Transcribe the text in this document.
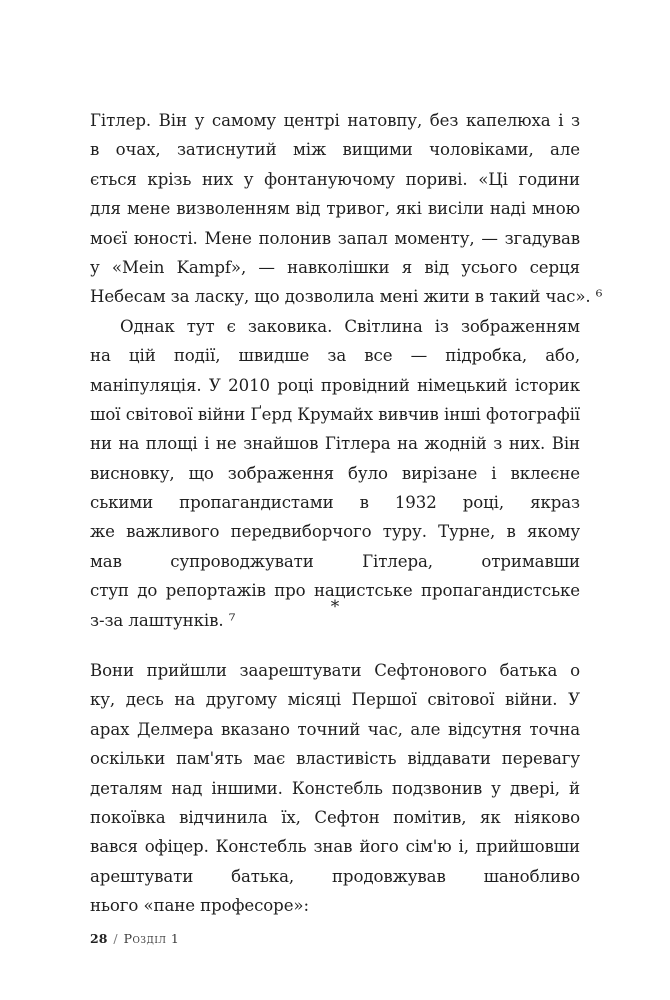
Гітлер. Він у самому центрі натовпу, без капелюха і з
в очах, затиснутий між вищими чоловіками, але
ється крізь них у фонтануючому пориві. «Ці години
для мене визволенням від тривог, які висіли наді мною
моєї юності. Мене полонив запал моменту, — згадував
у «Mein Kampf», — навколішки я від усього серця
Небесам за ласку, що дозволила мені жити в такий час». ⁶
Однак тут є заковика. Світлина із зображенням
на цій події, швидше за все — підробка, або,
маніпуляція. У 2010 році провідний німецький історик
шої світової війни Ґерд Крумайх вивчив інші фотографії
ни на площі і не знайшов Гітлера на жодній з них. Він
висновку, що зображення було вирізане і вклеєне
ськими пропагандистами в 1932 році, якраз
же важливого передвиборчого туру. Турне, в якому
мав супроводжувати Гітлера, отримавши
ступ до репортажів про нацистське пропагандистське
з-за лаштунків. ⁷
*
Вони прийшли заарештувати Сефтонового батька о
ку, десь на другому місяці Першої світової війни. У
арах Делмера вказано точний час, але відсутня точна
оскільки пам'ять має властивість віддавати перевагу
деталям над іншими. Констебль подзвонив у двері, й
покоївка відчинила їх, Сефтон помітив, як ніяково
вався офіцер. Констебль знав його сім'ю і, прийшовши
арештувати батька, продовжував шанобливо
нього «пане професоре»:
28 / Розділ 1
